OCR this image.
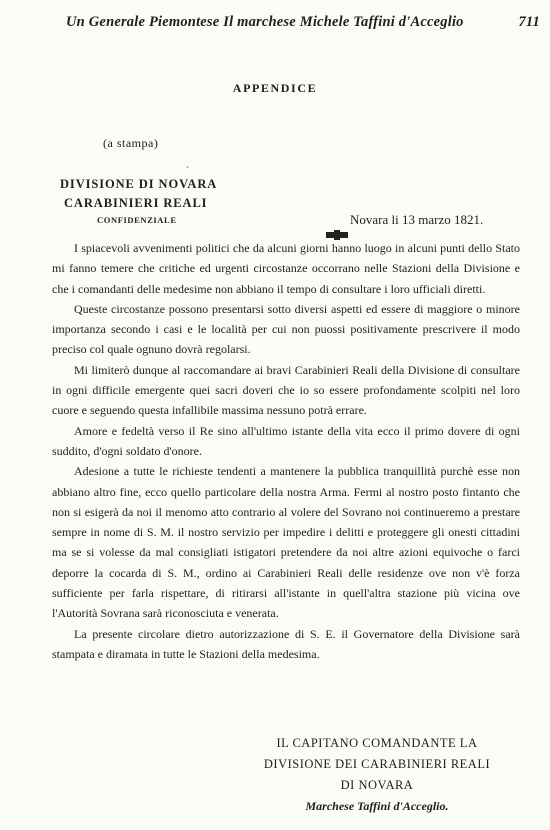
Un Generale Piemontese Il marchese Michele Taffini d'Acceglio	711
APPENDICE
(a stampa)
ˎ
DIVISIONE DI NOVARA
CARABINIERI REALI
CONFIDENZIALE	Novara li 13 marzo 1821.

I spiacevoli avvenimenti politici che da alcuni giorni hanno luogo in alcuni punti dello Stato mi fanno temere che critiche ed urgenti circostanze occorrano nelle Stazioni della Divisione e che i comandanti delle medesime non abbiano il tempo di consultare i loro ufficiali diretti.

Queste circostanze possono presentarsi sotto diversi aspetti ed essere di maggiore o minore importanza secondo i casi e le località per cui non puossi positivamente prescrivere il modo preciso col quale ognuno dovrà regolarsi.

Mi limiterò dunque al raccomandare ai bravi Carabinieri Reali della Divisione di consultare in ogni difficile emergente quei sacri doveri che io so essere profondamente scolpiti nel loro cuore e seguendo questa infallibile massima nessuno potrà errare.

Amore e fedeltà verso il Re sino all'ultimo istante della vita ecco il primo dovere di ogni suddito, d'ogni soldato d'onore.

Adesione a tutte le richieste tendenti a mantenere la pubblica tranquillità purchè esse non abbiano altro fine, ecco quello particolare della nostra Arma. Fermi al nostro posto fintanto che non si esigerà da noi il menomo atto contrario al volere del Sovrano noi continueremo a prestare sempre in nome di S. M. il nostro servizio per impedire i delitti e proteggere gli onesti cittadini ma se si volesse da mal consigliati istigatori pretendere da noi altre azioni equivoche o farci deporre la cocarda di S. M., ordino ai Carabinieri Reali delle residenze ove non v'è forza sufficiente per farla rispettare, di ritirarsi all'istante in quell'altra stazione più vicina ove l'Autorità Sovrana sarà riconosciuta e venerata.

La presente circolare dietro autorizzazione di S. E. il Governatore della Divisione sarà stampata e diramata in tutte le Stazioni della medesima.

IL CAPITANO COMANDANTE LA
DIVISIONE DEI CARABINIERI REALI
DI NOVARA
Marchese Taffini d'Acceglio.
